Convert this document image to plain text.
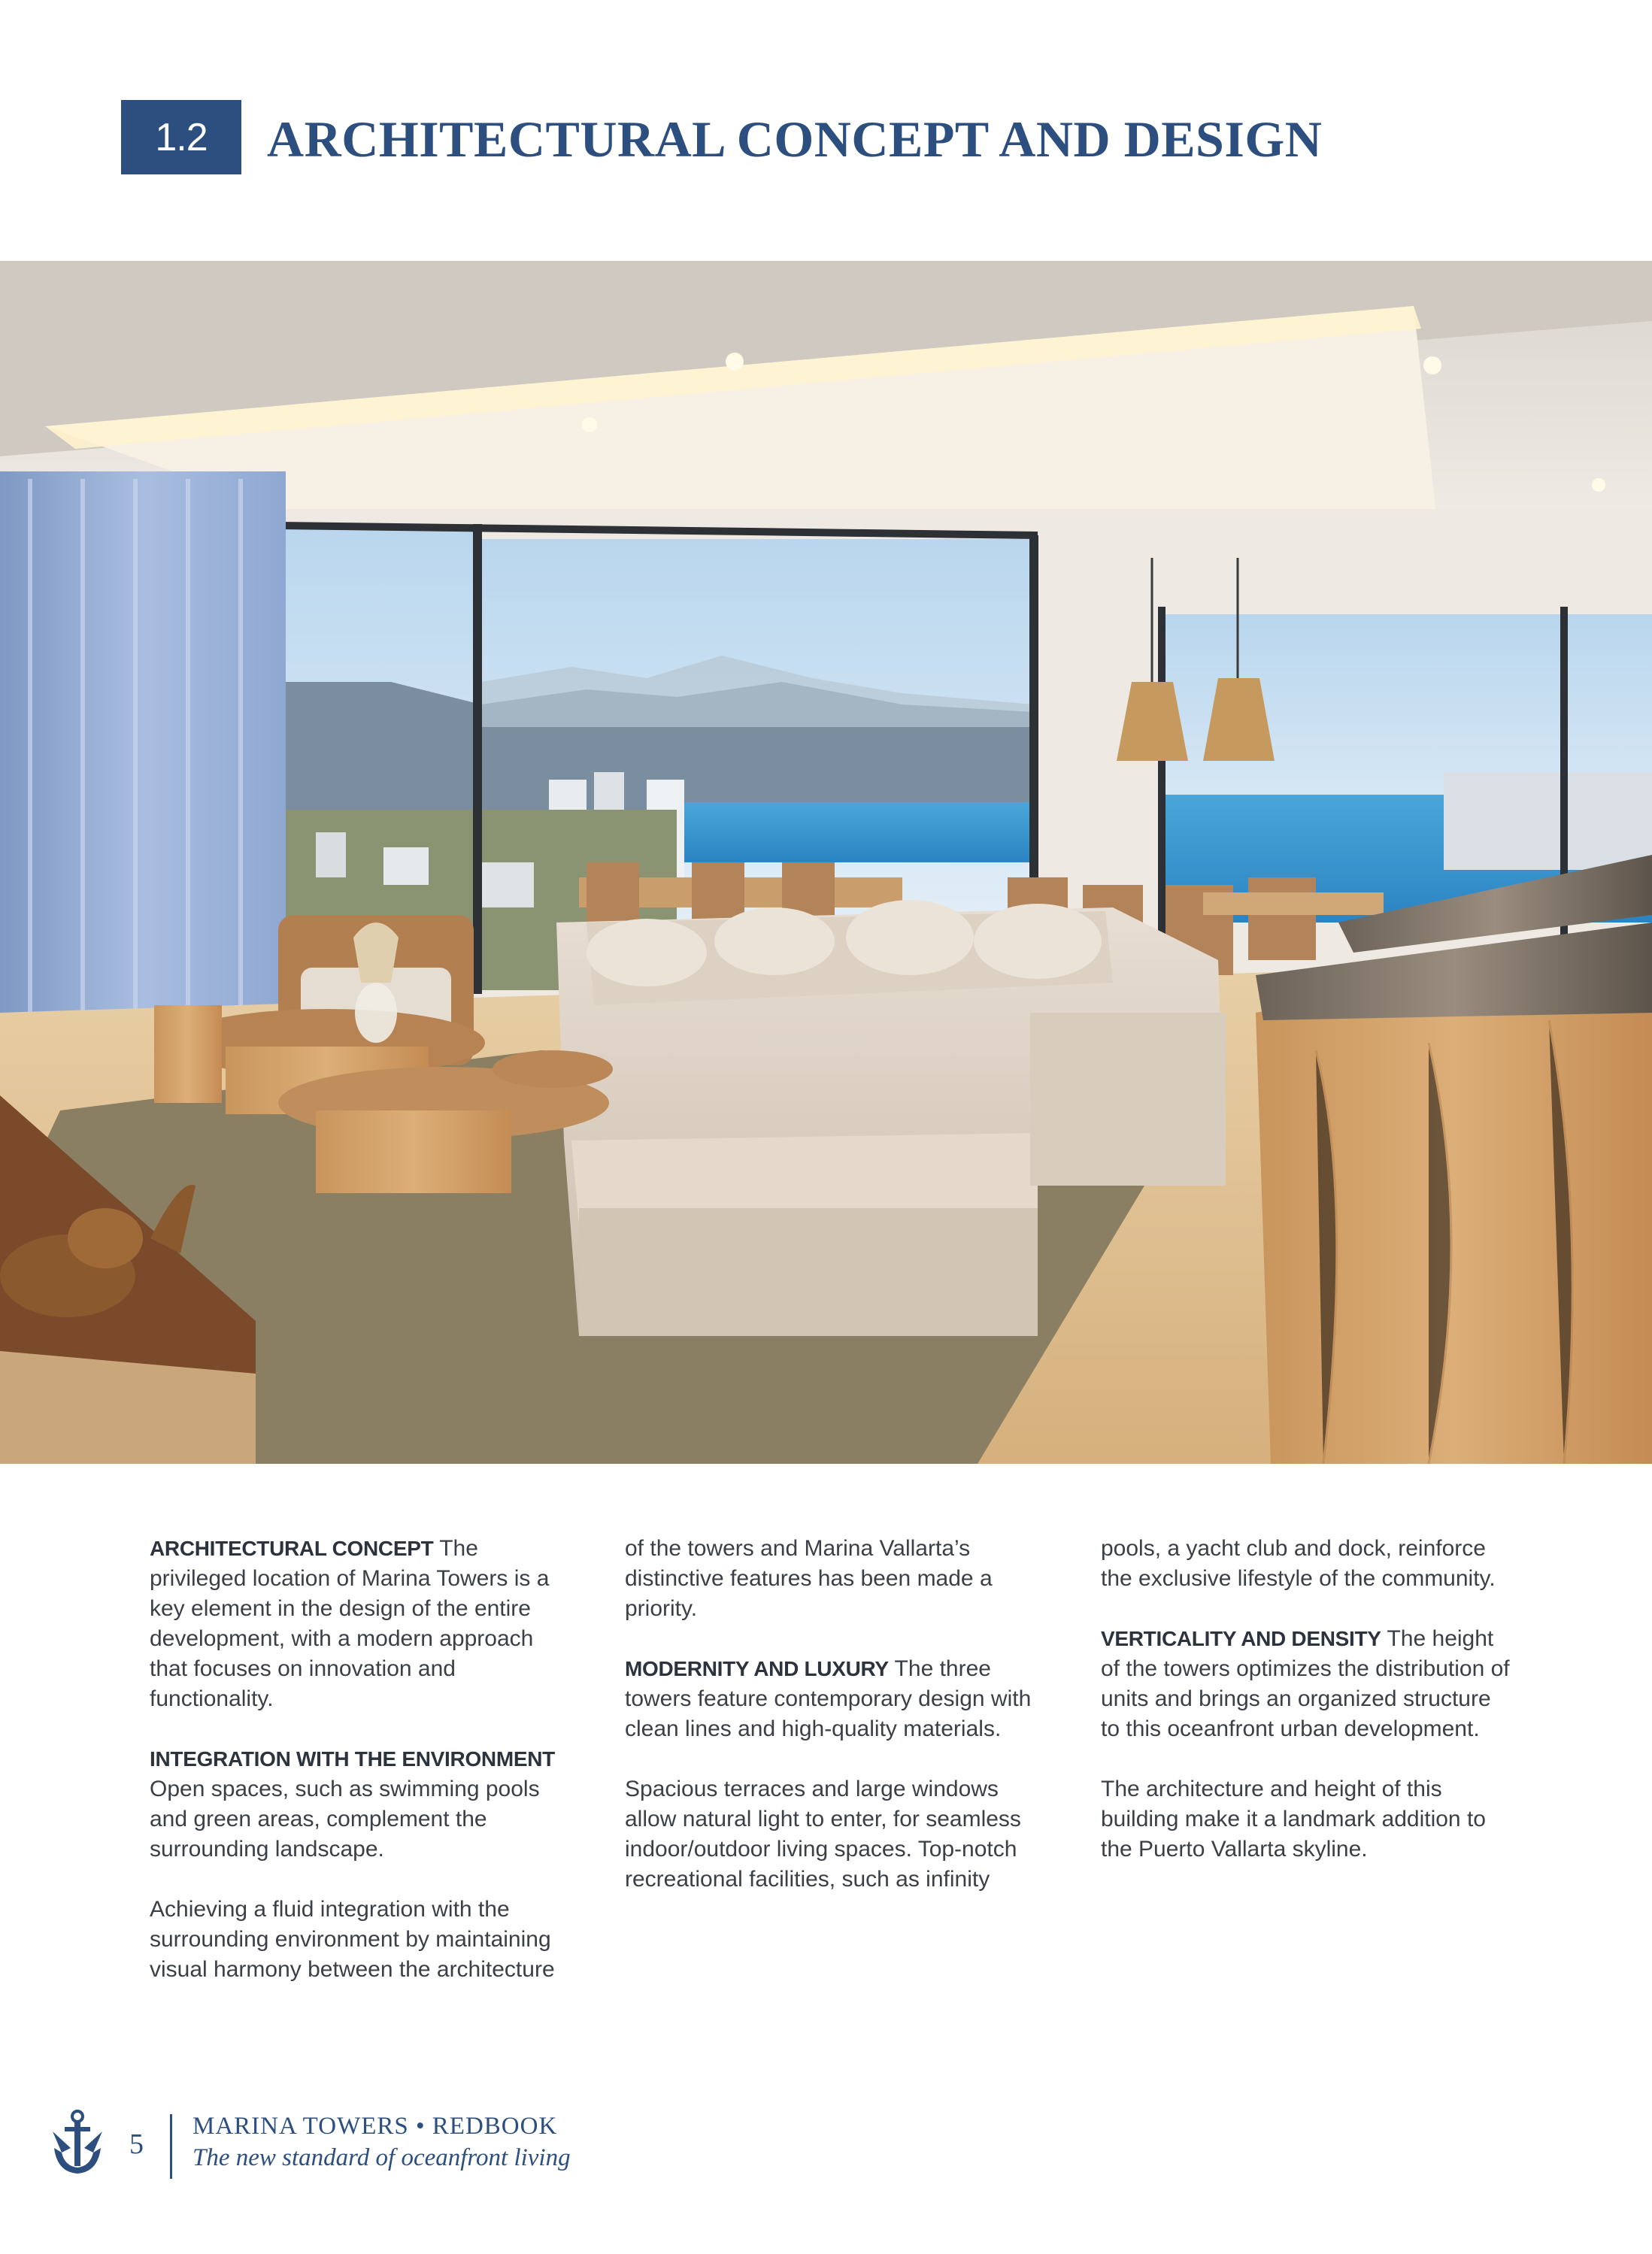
1.2	ARCHITECTURAL CONCEPT AND DESIGN

ARCHITECTURAL CONCEPT The privileged location of Marina Towers is a key element in the design of the entire development, with a modern approach that focuses on innovation and functionality.

INTEGRATION WITH THE ENVIRONMENT
Open spaces, such as swimming pools and green areas, complement the surrounding landscape.

Achieving a fluid integration with the surrounding environment by maintaining visual harmony between the architecture

of the towers and Marina Vallarta’s distinctive features has been made a priority.

MODERNITY AND LUXURY The three towers feature contemporary design with clean lines and high-quality materials.

Spacious terraces and large windows allow natural light to enter, for seamless indoor/outdoor living spaces. Top-notch recreational facilities, such as infinity

pools, a yacht club and dock, reinforce the exclusive lifestyle of the community.

VERTICALITY AND DENSITY The height of the towers optimizes the distribution of units and brings an organized structure to this oceanfront urban development.

The architecture and height of this building make it a landmark addition to the Puerto Vallarta skyline.

5
MARINA TOWERS • REDBOOK
The new standard of oceanfront living
